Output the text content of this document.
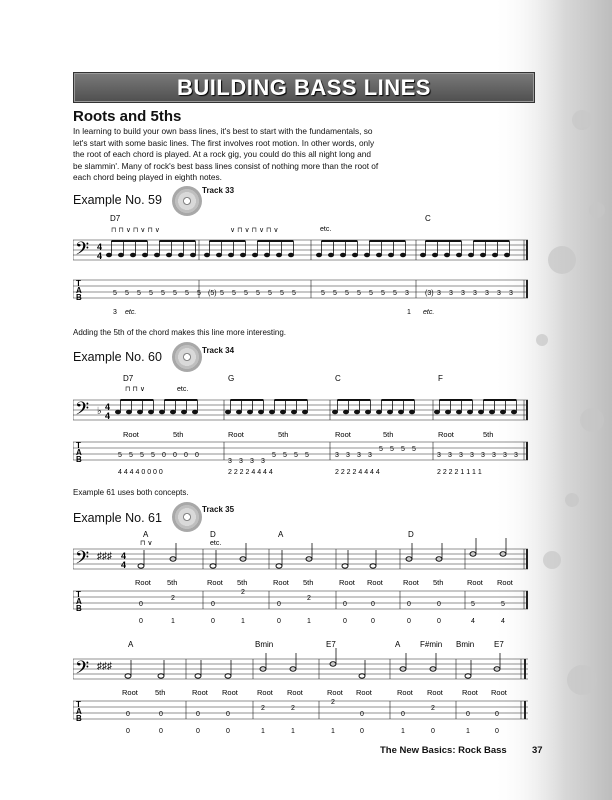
BUILDING BASS LINES
Roots and 5ths
In learning to build your own bass lines, it's best to start with the fundamentals, so
let's start with some basic lines. The first involves root motion. In other words, only
the root of each chord is played. At a rock gig, you could do this all night long and
be slammin'. Many of rock's best bass lines consist of nothing more than the root of
each chord being played in eighth notes.
Example No. 59
Track 33
D7	C
etc.
⊓ ⊓ ∨ ⊓ ∨ ⊓ ∨	∨ ⊓ ∨ ⊓ ∨ ⊓ ∨
𝄢 4
4
T
A
B	5 5 5 5 5 5 5 5 (5) 5 5 5 5 5 5 5	5 5 5 5 5 5 5 3 (3) 3 3 3 3 3 3 3
3 etc.	1 etc.
Adding the 5th of the chord makes this line more interesting.
Example No. 60	Track 34
D7	G	C	F
⊓ ⊓ ∨	etc.
𝄢 ♭ 4
4
Root	5th	Root	5th	Root	5th	Root	5th
T
A
B	5 5 5 5 0 0 0 0
3 3 3 3
5 5 5 5	3 3 3 3
5 5 5 5
3 3 3 3 3 3 3 3
4 4 4 4 0 0 0 0	2 2 2 2 4 4 4 4	2 2 2 2 4 4 4 4	2 2 2 2 1 1 1 1
Example 61 uses both concepts.
Example No. 61
Track 35
A	D	A	D
⊓ ∨	etc.
𝄢 ♯♯♯ 4
4
Root 5th	Root 5th	Root 5th	Root Root	Root 5th	Root Root
T
A
B	0
2
0
2
0
2
0	0	0	0	5	5
0	1	0	1	0	1	0	0	0	0	4	4
A	Bmin	E7	A F#min Bmin E7
𝄢 ♯♯♯
Root 5th	Root Root	Root Root	Root Root	Root Root	Root Root
T
A
B	0	0	0	0
2	2
2
0	0
2
0	0
0	0	0	0	1	1	1	0	1	0	1	0
The New Basics: Rock Bass	37
